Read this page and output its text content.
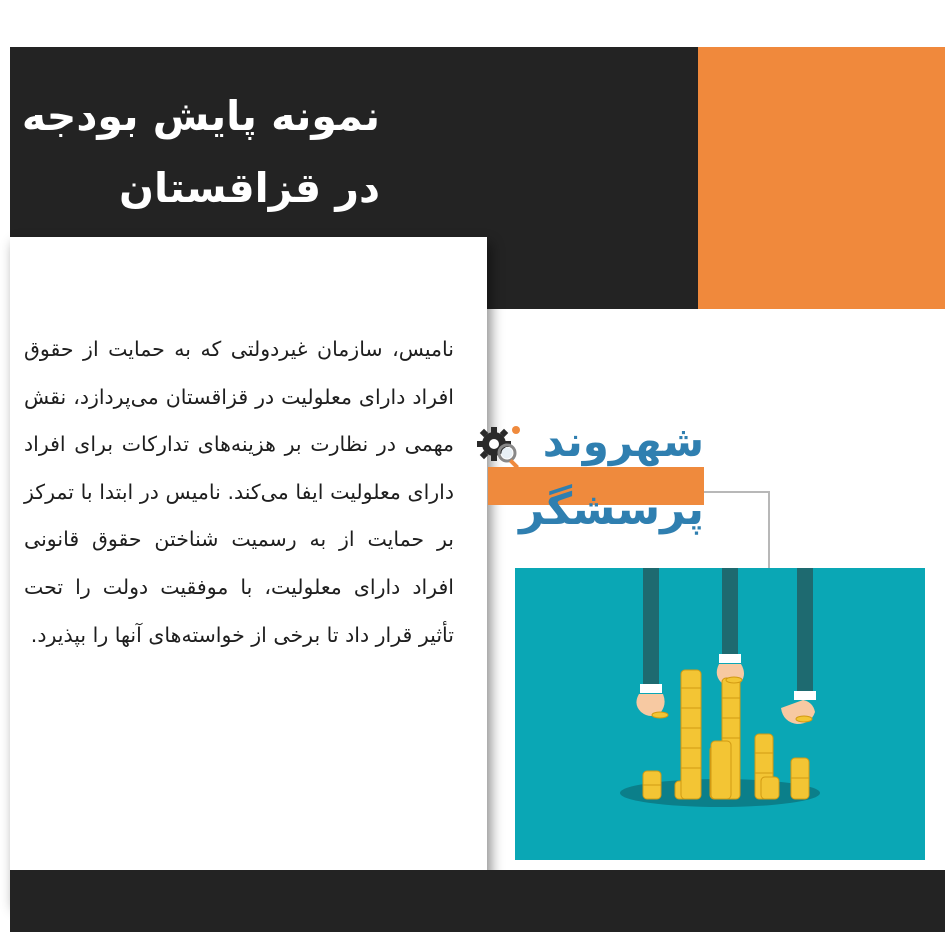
نمونه پایش بودجه
در قزاقستان
نامیس، سازمان غیردولتی که به حمایت از حقوق افراد دارای معلولیت در قزاقستان می‌پردازد، نقش مهمی در نظارت بر هزینه‌های تدارکات برای افراد دارای معلولیت ایفا می‌کند. نامیس در ابتدا با تمرکز بر حمایت از به رسمیت شناختن حقوق قانونی افراد دارای معلولیت، با موفقیت دولت را تحت تأثیر قرار داد تا برخی از خواسته‌های آنها را بپذیرد.
شهروند
پرسشگر
